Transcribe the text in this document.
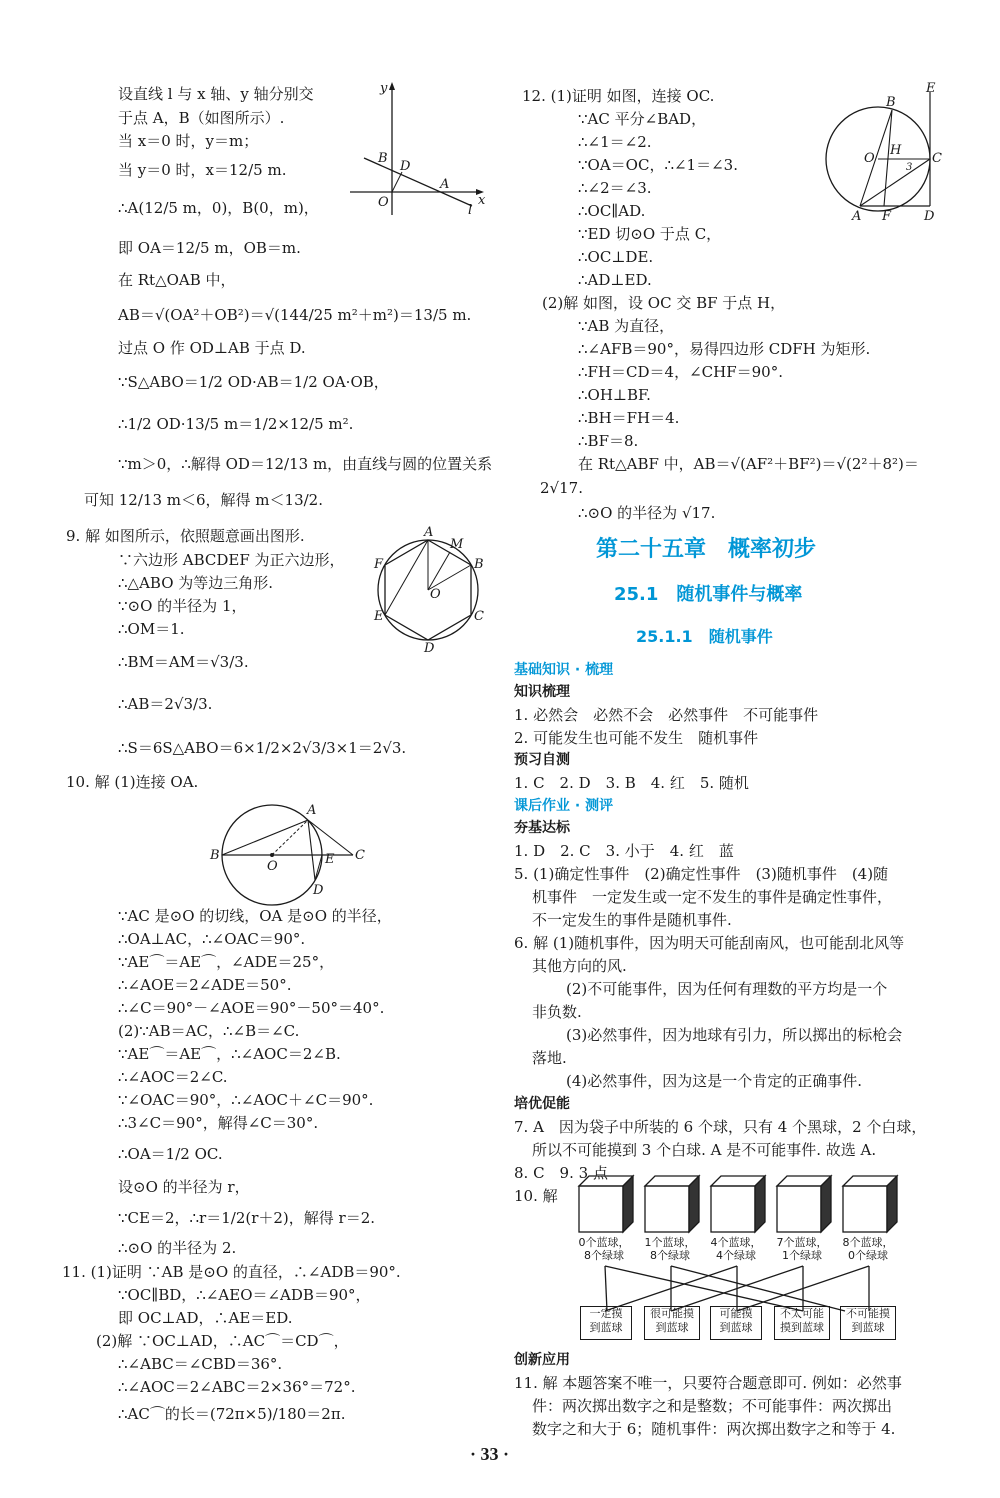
设直线 l 与 x 轴、y 轴分别交
于点 A，B（如图所示）.
当 x＝0 时，y＝m；
当 y＝0 时，x＝12/5 m.
∴A(12/5 m，0)，B(0，m)，
即 OA＝12/5 m，OB＝m.
在 Rt△OAB 中，
AB＝√(OA²＋OB²)＝√(144/25 m²＋m²)＝13/5 m.
过点 O 作 OD⊥AB 于点 D.
∵S△ABO＝1/2 OD·AB＝1/2 OA·OB，
∴1/2 OD·13/5 m＝1/2×12/5 m².
∵m＞0，∴解得 OD＝12/13 m，由直线与圆的位置关系
可知 12/13 m＜6，解得 m＜13/2.
y
x
B
D
A
O
l
9. 解 如图所示，依照题意画出图形.
∵六边形 ABCDEF 为正六边形，
∴△ABO 为等边三角形.
∵⊙O 的半径为 1，
∴OM＝1.
∴BM＝AM＝√3/3.
∴AB＝2√3/3.
∴S＝6S△ABO＝6×1/2×2√3/3×1＝2√3.
A
M
B
C
D
E
F
O
10. 解 (1)连接 OA.
A
B
O	E C
D
∵AC 是⊙O 的切线，OA 是⊙O 的半径，
∴OA⊥AC，∴∠OAC＝90°.
∵AE⌒＝AE⌒，∠ADE＝25°，
∴∠AOE＝2∠ADE＝50°.
∴∠C＝90°－∠AOE＝90°－50°＝40°.
(2)∵AB＝AC，∴∠B＝∠C.
∵AE⌒＝AE⌒，∴∠AOC＝2∠B.
∴∠AOC＝2∠C.
∵∠OAC＝90°，∴∠AOC＋∠C＝90°.
∴3∠C＝90°，解得∠C＝30°.
∴OA＝1/2 OC.
设⊙O 的半径为 r，
∵CE＝2，∴r＝1/2(r＋2)，解得 r＝2.
∴⊙O 的半径为 2.
11. (1)证明 ∵AB 是⊙O 的直径，∴∠ADB＝90°.
∵OC∥BD，∴∠AEO＝∠ADB＝90°，
即 OC⊥AD，∴AE＝ED.
(2)解 ∵OC⊥AD，∴AC⌒＝CD⌒，
∴∠ABC＝∠CBD＝36°.
∴∠AOC＝2∠ABC＝2×36°＝72°.
∴AC⌒的长＝(72π×5)/180＝2π.
12. (1)证明 如图，连接 OC.
∵AC 平分∠BAD，
∴∠1＝∠2.
∵OA＝OC，∴∠1＝∠3.
∴∠2＝∠3.
∴OC∥AD.
∵ED 切⊙O 于点 C，
∴OC⊥DE.
∴AD⊥ED.
(2)解 如图，设 OC 交 BF 于点 H，
∵AB 为直径，
∴∠AFB＝90°，易得四边形 CDFH 为矩形.
∴FH＝CD＝4，∠CHF＝90°.
∴OH⊥BF.
∴BH＝FH＝4.
∴BF＝8.
在 Rt△ABF 中，AB＝√(AF²＋BF²)＝√(2²＋8²)＝
2√17.
∴⊙O 的半径为 √17.
E
B
O
H
3
C
A F	D
第二十五章　概率初步
25.1　随机事件与概率
25.1.1　随机事件
基础知识 · 梳理
知识梳理
1. 必然会　必然不会　必然事件　不可能事件
2. 可能发生也可能不发生　随机事件
预习自测
1. C　2. D　3. B　4. 红　5. 随机
课后作业 · 测评
夯基达标
1. D　2. C　3. 小于　4. 红　蓝
5. (1)确定性事件　(2)确定性事件　(3)随机事件　(4)随
机事件　一定发生或一定不发生的事件是确定性事件，
不一定发生的事件是随机事件.
6. 解 (1)随机事件，因为明天可能刮南风，也可能刮北风等
其他方向的风.
(2)不可能事件，因为任何有理数的平方均是一个
非负数.
(3)必然事件，因为地球有引力，所以掷出的标枪会
落地.
(4)必然事件，因为这是一个肯定的正确事件.
培优促能
7. A　因为袋子中所装的 6 个球，只有 4 个黑球，2 个白球，
所以不可能摸到 3 个白球. A 是不可能事件. 故选 A.
8. C　9. 3 点
10. 解
0个蓝球，
8个绿球
1个蓝球，
8个绿球
4个蓝球，
4个绿球
7个蓝球，
1个绿球
8个蓝球，
0个绿球
一定摸
到蓝球
很可能摸
到蓝球
可能摸
到蓝球
不太可能
摸到蓝球
不可能摸
到蓝球
创新应用
11. 解 本题答案不唯一，只要符合题意即可. 例如：必然事
件：两次掷出数字之和是整数；不可能事件：两次掷出
数字之和大于 6；随机事件：两次掷出数字之和等于 4.
· 33 ·
